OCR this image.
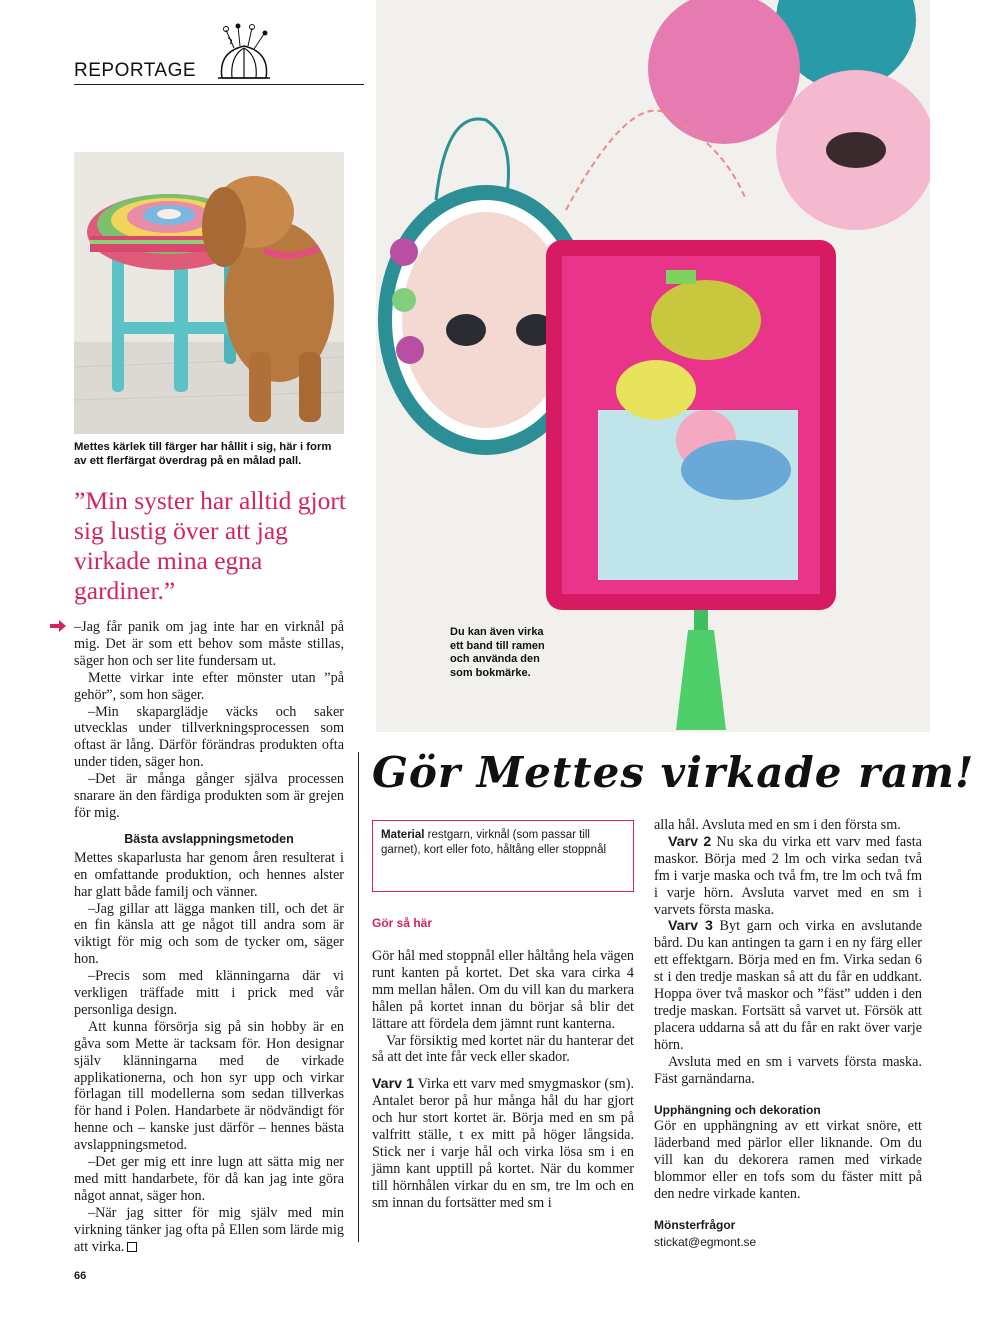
REPORTAGE
Mettes kärlek till färger har hållit i sig, här i form av ett flerfärgat överdrag på en målad pall.
Du kan även virka ett band till ramen och använda den som bokmärke.
”Min syster har alltid gjort sig lustig över att jag virkade mina egna gardiner.”

–Jag får panik om jag inte har en virknål på mig. Det är som ett behov som måste stillas, säger hon och ser lite fundersam ut.

Mette virkar inte efter mönster utan ”på gehör”, som hon säger.

–Min skaparglädje väcks och saker utvecklas under tillverkningsprocessen som oftast är lång. Därför förändras produkten ofta under tiden, säger hon.

–Det är många gånger själva processen snarare än den färdiga produkten som är grejen för mig.

Bästa avslappningsmetoden

Mettes skaparlusta har genom åren resulterat i en omfattande produktion, och hennes alster har glatt både familj och vänner.

–Jag gillar att lägga manken till, och det är en fin känsla att ge något till andra som är viktigt för mig och som de tycker om, säger hon.

–Precis som med klänningarna där vi verkligen träffade mitt i prick med vår personliga design.

Att kunna försörja sig på sin hobby är en gåva som Mette är tacksam för. Hon designar själv klänningarna med de virkade applikationerna, och hon syr upp och virkar förlagan till modellerna som sedan tillverkas för hand i Polen. Handarbete är nödvändigt för henne och – kanske just därför – hennes bästa avslappningsmetod.

–Det ger mig ett inre lugn att sätta mig ner med mitt handarbete, för då kan jag inte göra något annat, säger hon.

–När jag sitter för mig själv med min virkning tänker jag ofta på Ellen som lärde mig att virka.

Gör Mettes virkade ram!
Material restgarn, virknål (som passar till garnet), kort eller foto, håltång eller stoppnål
Gör så här

Gör hål med stoppnål eller håltång hela vägen runt kanten på kortet. Det ska vara cirka 4 mm mellan hålen. Om du vill kan du markera hålen på kortet innan du börjar så blir det lättare att fördela dem jämnt runt kanterna.

Var försiktig med kortet när du hanterar det så att det inte får veck eller skador.

Varv 1 Virka ett varv med smygmaskor (sm). Antalet beror på hur många hål du har gjort och hur stort kortet är. Börja med en sm på valfritt ställe, t ex mitt på höger långsida. Stick ner i varje hål och virka lösa sm i en jämn kant upptill på kortet. När du kommer till hörnhålen virkar du en sm, tre lm och en sm innan du fortsätter med sm i

alla hål. Avsluta med en sm i den första sm.

Varv 2 Nu ska du virka ett varv med fasta maskor. Börja med 2 lm och virka sedan två fm i varje maska och två fm, tre lm och två fm i varje hörn. Avsluta varvet med en sm i varvets första maska.

Varv 3 Byt garn och virka en avslutande bård. Du kan antingen ta garn i en ny färg eller ett effektgarn. Börja med en fm. Virka sedan 6 st i den tredje maskan så att du får en uddkant. Hoppa över två maskor och ”fäst” udden i den tredje maskan. Fortsätt så varvet ut. Försök att placera uddarna så att du får en rakt över varje hörn.

Avsluta med en sm i varvets första maska. Fäst garnändarna.

Upphängning och dekoration

Gör en upphängning av ett virkat snöre, ett läderband med pärlor eller liknande. Om du vill kan du dekorera ramen med virkade blommor eller en tofs som du fäster mitt på den nedre virkade kanten.

Mönsterfrågor

stickat@egmont.se

66
